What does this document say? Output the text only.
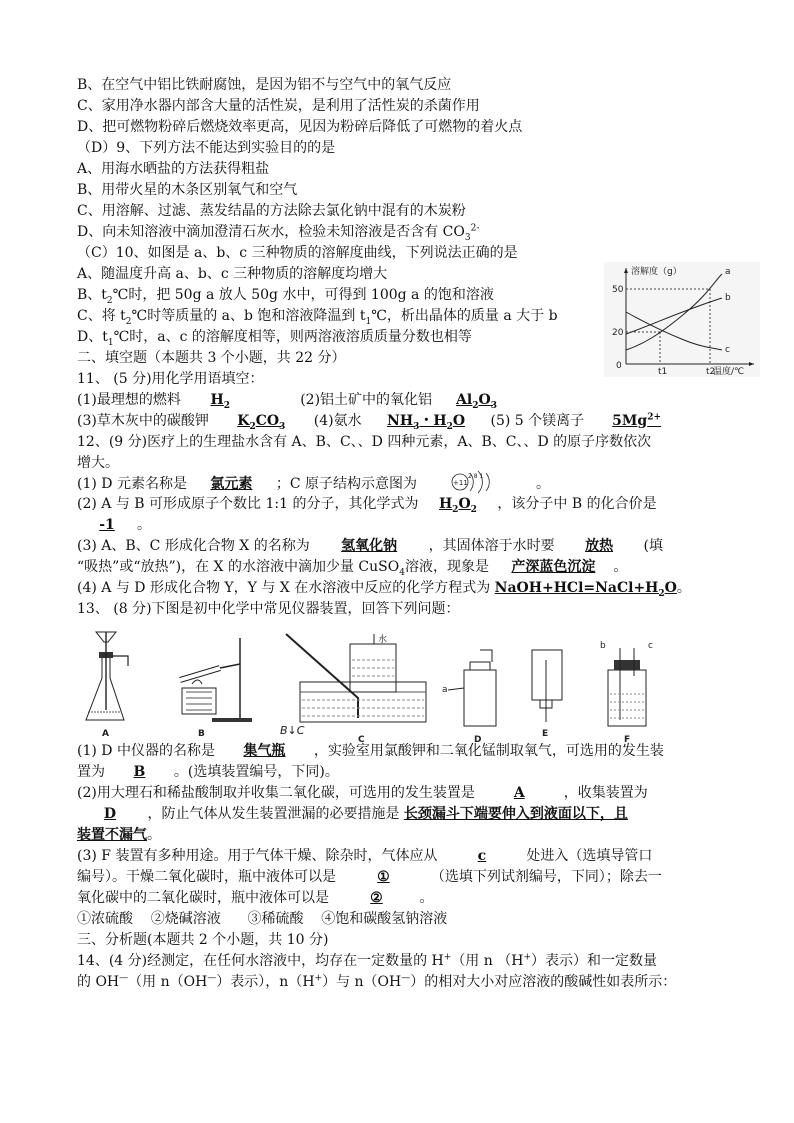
B、在空气中铝比铁耐腐蚀，是因为铝不与空气中的氧气反应
C、家用净水器内部含大量的活性炭，是利用了活性炭的杀菌作用
D、把可燃物粉碎后燃烧效率更高，见因为粉碎后降低了可燃物的着火点
（D）9、下列方法不能达到实验目的的是
A、用海水晒盐的方法获得粗盐
B、用带火星的木条区别氧气和空气
C、用溶解、过滤、蒸发结晶的方法除去氯化钠中混有的木炭粉
D、向未知溶液中滴加澄清石灰水，检验未知溶液是否含有 $CO_3^{2-}$
（C）10、如图是 a、b、c 三种物质的溶解度曲线，下列说法正确的是
A、随温度升高 a、b、c 三种物质的溶解度均增大
B、$t_2℃$时，把 50g a 放人 50g 水中，可得到 100g a 的饱和溶液
C、将 $t_2℃$时等质量的 a、b 饱和溶液降温到 $t_1℃$，析出晶体的质量 a 大于 b
D、$t_1℃$时，a、c 的溶解度相等，则两溶液溶质质量分数也相等
溶解度（g）
温度/℃
50
20
0
t1	t2
a
b
c
二、填空题（本题共 3 个小题，共 22 分）
11、 (5 分)用化学用语填空：
(1)最理想的燃料 $H_2$	(2)铝土矿中的氧化铝 $Al_2O_3$
(3)草木灰中的碳酸钾 $K_2CO_3$ (4)氨水 $NH_3$・$H_2O$ (5) 5 个镁离子 $5Mg^{2+}$
12、(9 分)医疗上的生理盐水含有 A、B、C、、D 四种元素，A、B、C、、D 的原子序数依次
增大。
(1) D 元素名称是 氯元素 ；C 原子结构示意图为	+11
2 8 1	。
(2) A 与 B 可形成原子个数比 1:1 的分子，其化学式为 $H_2O_2$ ，该分子中 B 的化合价是
-1 。
(3) A、B、C 形成化合物 X 的名称为 氢氧化钠 ，其固体溶于水时要 放热 (填
“吸热”或“放热”)，在 X 的水溶液中滴加少量 CuSO$_4$溶液，现象是 产深蓝色沉淀 。
(4) A 与 D 形成化合物 Y，Y 与 X 在水溶液中反应的化学方程式为 $NaOH+HCl=NaCl+H_2O$。
13、 (8 分)下图是初中化学中常见仪器装置，回答下列问题：
A	B
水
B↓C
C
a
D
E
b	c
F
(1) D 中仪器的名称是 集气瓶 ，实验室用氯酸钾和二氧化锰制取氧气，可选用的发生装
置为 B 。(选填装置编号，下同)。
(2)用大理石和稀盐酸制取并收集二氧化碳，可选用的发生装置是	A	，收集装置为
D ，防止气体从发生装置泄漏的必要措施是 长颈漏斗下端要伸入到液面以下，且
装置不漏气。
(3) F 装置有多种用途。用于气体干燥、除杂时，气体应从	c	处进入（选填导管口
编号）。干燥二氧化碳时，瓶中液体可以是	①	（选填下列试剂编号，下同）；除去一
氧化碳中的二氧化碳时，瓶中液体可以是	②	。
①浓硫酸    ②烧碱溶液      ③稀硫酸    ④饱和碳酸氢钠溶液
三、分析题(本题共 2 个小题，共 10 分)
14、(4 分)经测定，在任何水溶液中，均存在一定数量的 H+（用 n （H+）表示）和一定数量
的 OH—（用 n（OH—）表示），n（H+）与 n（OH—）的相对大小对应溶液的酸碱性如表所示：
